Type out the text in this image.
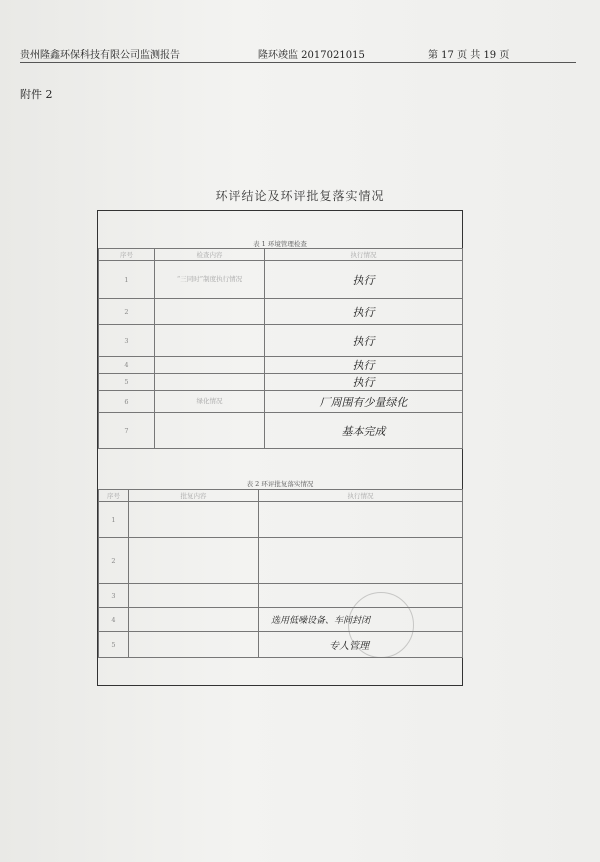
贵州隆鑫环保科技有限公司监测报告	隆环竣监 2017021015	第 17 页 共 19 页
附件 2
环评结论及环评批复落实情况
表 1 环境管理检查
序号	检查内容	执行情况
1	“三同时”制度执行情况	执行
2		执行
3		执行
4		执行
5		执行
6	绿化情况	厂周围有少量绿化
7		基本完成
表 2 环评批复落实情况
序号	批复内容	执行情况
1		

2		

3		

4		选用低噪设备、车间封闭

5		专人管理
